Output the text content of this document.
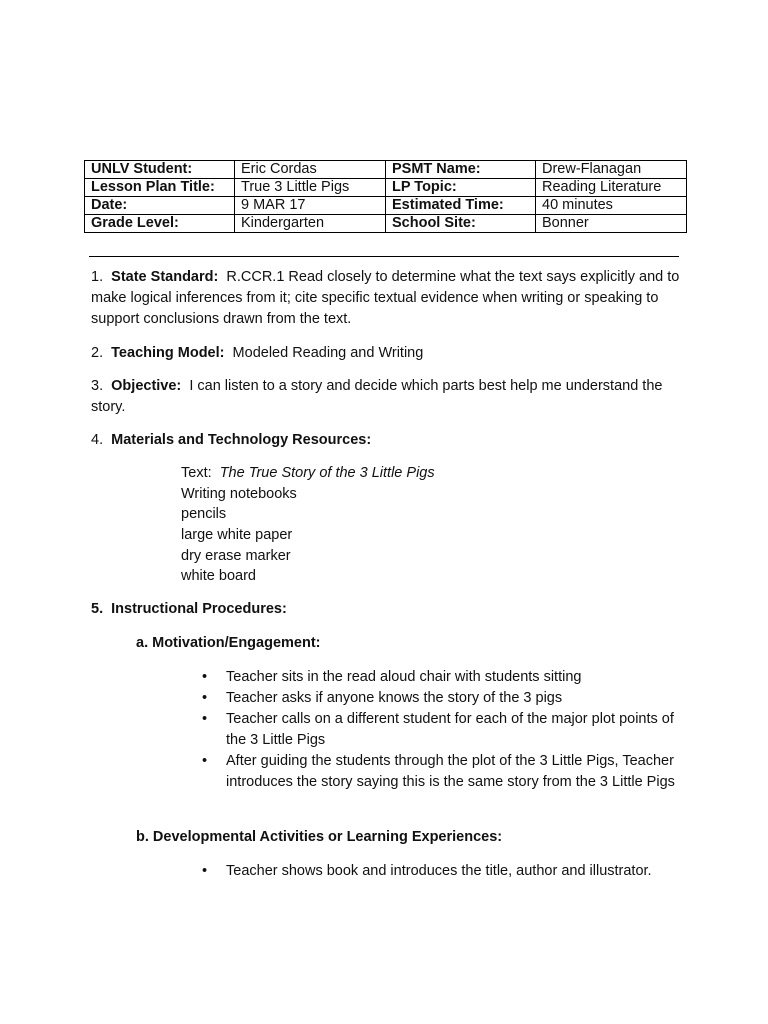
UNLV Student:	Eric Cordas	PSMT Name:	Drew-Flanagan
Lesson Plan Title:	True 3 Little Pigs	LP Topic:	Reading Literature
Date:	9 MAR 17	Estimated Time:	40 minutes
Grade Level:	Kindergarten	School Site:	Bonner
1. State Standard: R.CCR.1 Read closely to determine what the text says explicitly and to make logical inferences from it; cite specific textual evidence when writing or speaking to support conclusions drawn from the text.
2. Teaching Model: Modeled Reading and Writing
3. Objective: I can listen to a story and decide which parts best help me understand the story.
4. Materials and Technology Resources:
Text: The True Story of the 3 Little Pigs
Writing notebooks
pencils
large white paper
dry erase marker
white board
5. Instructional Procedures:
a. Motivation/Engagement:
• Teacher sits in the read aloud chair with students sitting
• Teacher asks if anyone knows the story of the 3 pigs
• Teacher calls on a different student for each of the major plot points of the 3 Little Pigs
• After guiding the students through the plot of the 3 Little Pigs, Teacher introduces the story saying this is the same story from the 3 Little Pigs
b. Developmental Activities or Learning Experiences:
• Teacher shows book and introduces the title, author and illustrator.
